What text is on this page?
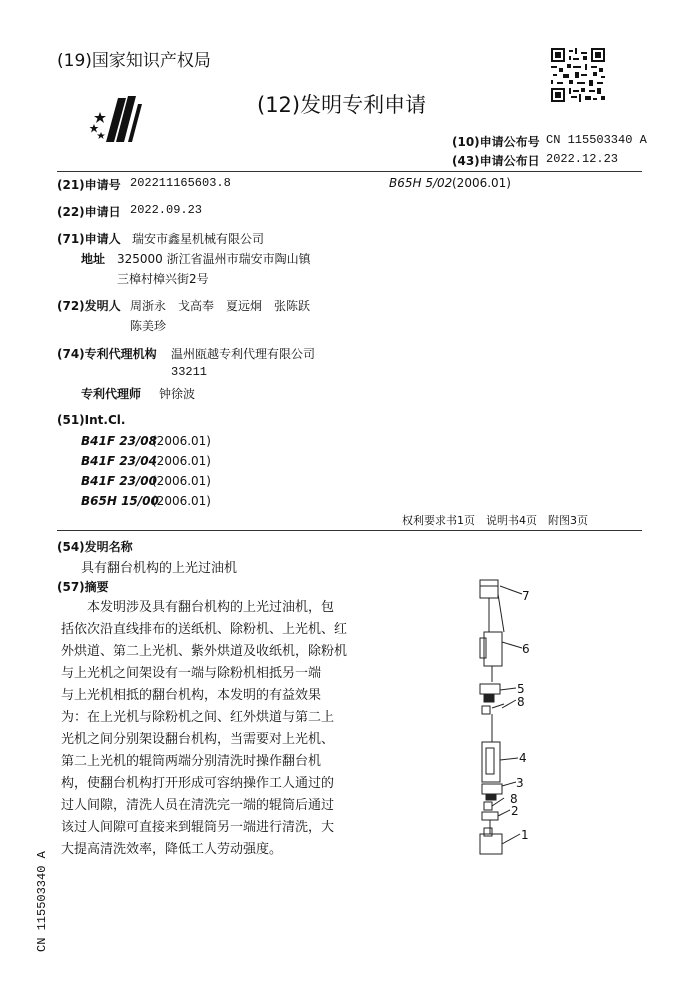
(19)国家知识产权局
(12)发明专利申请
(10)申请公布号 CN 115503340 A
(43)申请公布日 2022.12.23
(21)申请号 202211165603.8	B65H 5/02 (2006.01)
(22)申请日 2022.09.23
(71)申请人 瑞安市鑫星机械有限公司
地址 325000 浙江省温州市瑞安市陶山镇
三樟村樟兴街2号
(72)发明人 周浙永　戈高奉　夏远炯　张陈跃
陈美珍
(74)专利代理机构 温州瓯越专利代理有限公司
33211
专利代理师 钟徐波
(51)Int.Cl.
B41F 23/08
(2006.01)
B41F 23/04
(2006.01)
B41F 23/00
(2006.01)
B65H 15/00
(2006.01)
权利要求书1页　说明书4页　附图3页
(54)发明名称
具有翻台机构的上光过油机
(57)摘要

本发明涉及具有翻台机构的上光过油机，包

括依次沿直线排布的送纸机、除粉机、上光机、红

外烘道、第二上光机、紫外烘道及收纸机，除粉机

与上光机之间架设有一端与除粉机相抵另一端

与上光机相抵的翻台机构，本发明的有益效果

为：在上光机与除粉机之间、红外烘道与第二上

光机之间分别架设翻台机构，当需要对上光机、

第二上光机的辊筒两端分别清洗时操作翻台机

构，使翻台机构打开形成可容纳操作工人通过的

过人间隙，清洗人员在清洗完一端的辊筒后通过

该过人间隙可直接来到辊筒另一端进行清洗，大

大提高清洗效率，降低工人劳动强度。

7
6
5
8
4
3
8
2
1
CN 115503340 A
